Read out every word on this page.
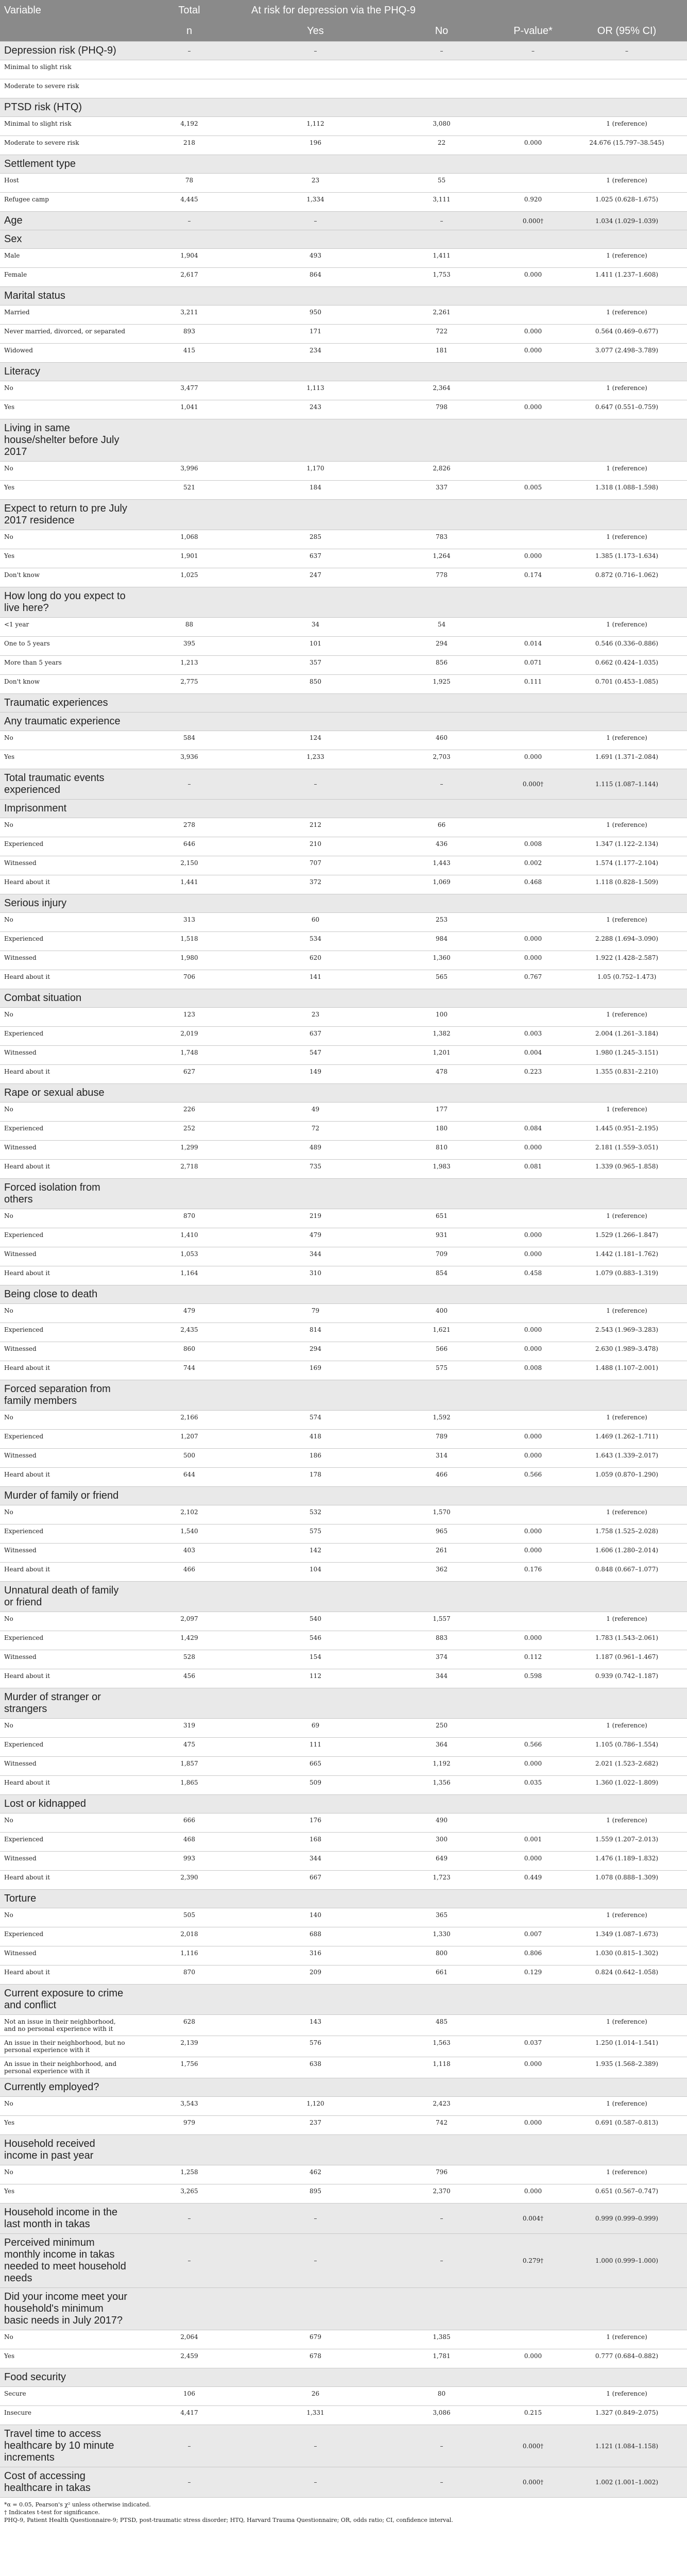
Variable	Total	At risk for depression via the PHQ-9			
	n	Yes	No	P-value*	OR (95% CI)
Depression risk (PHQ-9)	–	–	–	–	–
Minimal to slight risk					
Moderate to severe risk					
PTSD risk (HTQ)					
Minimal to slight risk	4,192	1,112	3,080		1 (reference)
Moderate to severe risk	218	196	22	0.000	24.676 (15.797–38.545)
Settlement type					
Host	78	23	55		1 (reference)
Refugee camp	4,445	1,334	3,111	0.920	1.025 (0.628–1.675)
Age	–	–	–	0.000†	1.034 (1.029–1.039)
Sex					
Male	1,904	493	1,411		1 (reference)
Female	2,617	864	1,753	0.000	1.411 (1.237–1.608)
Marital status					
Married	3,211	950	2,261		1 (reference)
Never married, divorced, or separated	893	171	722	0.000	0.564 (0.469–0.677)
Widowed	415	234	181	0.000	3.077 (2.498–3.789)
Literacy					
No	3,477	1,113	2,364		1 (reference)
Yes	1,041	243	798	0.000	0.647 (0.551–0.759)
Living in same house/shelter before July 2017					
No	3,996	1,170	2,826		1 (reference)
Yes	521	184	337	0.005	1.318 (1.088–1.598)
Expect to return to pre July 2017 residence					
No	1,068	285	783		1 (reference)
Yes	1,901	637	1,264	0.000	1.385 (1.173–1.634)
Don't know	1,025	247	778	0.174	0.872 (0.716–1.062)
How long do you expect to live here?					
<1 year	88	34	54		1 (reference)
One to 5 years	395	101	294	0.014	0.546 (0.336–0.886)
More than 5 years	1,213	357	856	0.071	0.662 (0.424–1.035)
Don't know	2,775	850	1,925	0.111	0.701 (0.453–1.085)
Traumatic experiences					
Any traumatic experience					
No	584	124	460		1 (reference)
Yes	3,936	1,233	2,703	0.000	1.691 (1.371–2.084)
Total traumatic events experienced	–	–	–	0.000†	1.115 (1.087–1.144)
Imprisonment					
No	278	212	66		1 (reference)
Experienced	646	210	436	0.008	1.347 (1.122–2.134)
Witnessed	2,150	707	1,443	0.002	1.574 (1.177–2.104)
Heard about it	1,441	372	1,069	0.468	1.118 (0.828–1.509)
Serious injury					
No	313	60	253		1 (reference)
Experienced	1,518	534	984	0.000	2.288 (1.694–3.090)
Witnessed	1,980	620	1,360	0.000	1.922 (1.428–2.587)
Heard about it	706	141	565	0.767	1.05 (0.752–1.473)
Combat situation					
No	123	23	100		1 (reference)
Experienced	2,019	637	1,382	0.003	2.004 (1.261–3.184)
Witnessed	1,748	547	1,201	0.004	1.980 (1.245–3.151)
Heard about it	627	149	478	0.223	1.355 (0.831–2.210)
Rape or sexual abuse					
No	226	49	177		1 (reference)
Experienced	252	72	180	0.084	1.445 (0.951–2.195)
Witnessed	1,299	489	810	0.000	2.181 (1.559–3.051)
Heard about it	2,718	735	1,983	0.081	1.339 (0.965–1.858)
Forced isolation from others					
No	870	219	651		1 (reference)
Experienced	1,410	479	931	0.000	1.529 (1.266–1.847)
Witnessed	1,053	344	709	0.000	1.442 (1.181–1.762)
Heard about it	1,164	310	854	0.458	1.079 (0.883–1.319)
Being close to death					
No	479	79	400		1 (reference)
Experienced	2,435	814	1,621	0.000	2.543 (1.969–3.283)
Witnessed	860	294	566	0.000	2.630 (1.989–3.478)
Heard about it	744	169	575	0.008	1.488 (1.107–2.001)
Forced separation from family members					
No	2,166	574	1,592		1 (reference)
Experienced	1,207	418	789	0.000	1.469 (1.262–1.711)
Witnessed	500	186	314	0.000	1.643 (1.339–2.017)
Heard about it	644	178	466	0.566	1.059 (0.870–1.290)
Murder of family or friend					
No	2,102	532	1,570		1 (reference)
Experienced	1,540	575	965	0.000	1.758 (1.525–2.028)
Witnessed	403	142	261	0.000	1.606 (1.280–2.014)
Heard about it	466	104	362	0.176	0.848 (0.667–1.077)
Unnatural death of family or friend					
No	2,097	540	1,557		1 (reference)
Experienced	1,429	546	883	0.000	1.783 (1.543–2.061)
Witnessed	528	154	374	0.112	1.187 (0.961–1.467)
Heard about it	456	112	344	0.598	0.939 (0.742–1.187)
Murder of stranger or strangers					
No	319	69	250		1 (reference)
Experienced	475	111	364	0.566	1.105 (0.786–1.554)
Witnessed	1,857	665	1,192	0.000	2.021 (1.523–2.682)
Heard about it	1,865	509	1,356	0.035	1.360 (1.022–1.809)
Lost or kidnapped					
No	666	176	490		1 (reference)
Experienced	468	168	300	0.001	1.559 (1.207–2.013)
Witnessed	993	344	649	0.000	1.476 (1.189–1.832)
Heard about it	2,390	667	1,723	0.449	1.078 (0.888–1.309)
Torture					
No	505	140	365		1 (reference)
Experienced	2,018	688	1,330	0.007	1.349 (1.087–1.673)
Witnessed	1,116	316	800	0.806	1.030 (0.815–1.302)
Heard about it	870	209	661	0.129	0.824 (0.642–1.058)
Current exposure to crime and conflict					
Not an issue in their neighborhood, and no personal experience with it	628	143	485		1 (reference)
An issue in their neighborhood, but no personal experience with it	2,139	576	1,563	0.037	1.250 (1.014–1.541)
An issue in their neighborhood, and personal experience with it	1,756	638	1,118	0.000	1.935 (1.568–2.389)
Currently employed?					
No	3,543	1,120	2,423		1 (reference)
Yes	979	237	742	0.000	0.691 (0.587–0.813)
Household received income in past year					
No	1,258	462	796		1 (reference)
Yes	3,265	895	2,370	0.000	0.651 (0.567–0.747)
Household income in the last month in takas	–	–	–	0.004†	0.999 (0.999–0.999)
Perceived minimum monthly income in takas needed to meet household needs	–	–	–	0.279†	1.000 (0.999–1.000)
Did your income meet your household's minimum basic needs in July 2017?					
No	2,064	679	1,385		1 (reference)
Yes	2,459	678	1,781	0.000	0.777 (0.684–0.882)
Food security					
Secure	106	26	80		1 (reference)
Insecure	4,417	1,331	3,086	0.215	1.327 (0.849–2.075)
Travel time to access healthcare by 10 minute increments	–	–	–	0.000†	1.121 (1.084–1.158)
Cost of accessing healthcare in takas	–	–	–	0.000†	1.002 (1.001–1.002)
*α = 0.05, Pearson's χ² unless otherwise indicated.
† Indicates t-test for significance.
PHQ-9, Patient Health Questionnaire-9; PTSD, post-traumatic stress disorder; HTQ, Harvard Trauma Questionnaire; OR, odds ratio; CI, confidence interval.
